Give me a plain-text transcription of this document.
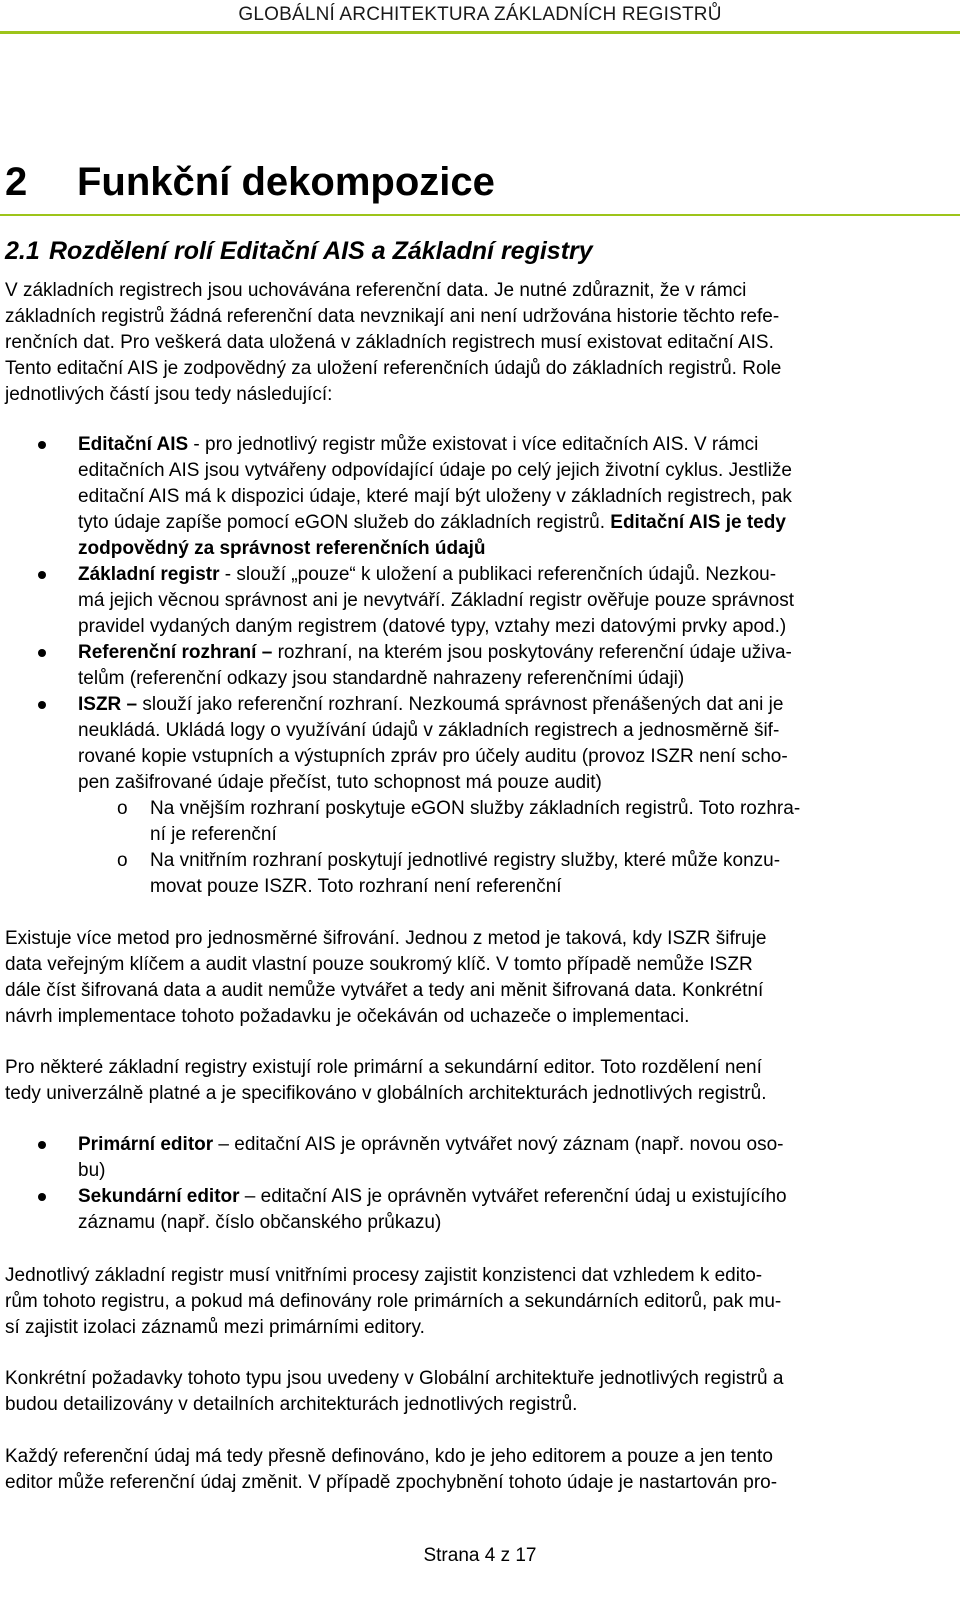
GLOBÁLNÍ ARCHITEKTURA ZÁKLADNÍCH REGISTRŮ
2 Funkční dekompozice
2.1 Rozdělení rolí Editační AIS a Základní registry
V základních registrech jsou uchovávána referenční data. Je nutné zdůraznit, že v rámci
základních registrů žádná referenční data nevznikají ani není udržována historie těchto refe-
renčních dat. Pro veškerá data uložená v základních registrech musí existovat editační AIS.
Tento editační AIS je zodpovědný za uložení referenčních údajů do základních registrů. Role
jednotlivých částí jsou tedy následující:
Editační AIS - pro jednotlivý registr může existovat i více editačních AIS. V rámci
editačních AIS jsou vytvářeny odpovídající údaje po celý jejich životní cyklus. Jestliže
editační AIS má k dispozici údaje, které mají být uloženy v základních registrech, pak
tyto údaje zapíše pomocí eGON služeb do základních registrů. Editační AIS je tedy
zodpovědný za správnost referenčních údajů
Základní registr - slouží „pouze“ k uložení a publikaci referenčních údajů. Nezkou-
má jejich věcnou správnost ani je nevytváří. Základní registr ověřuje pouze správnost
pravidel vydaných daným registrem (datové typy, vztahy mezi datovými prvky apod.)
Referenční rozhraní – rozhraní, na kterém jsou poskytovány referenční údaje uživa-
telům (referenční odkazy jsou standardně nahrazeny referenčními údaji)
ISZR – slouží jako referenční rozhraní. Nezkoumá správnost přenášených dat ani je
neukládá. Ukládá logy o využívání údajů v základních registrech a jednosměrně šif-
rované kopie vstupních a výstupních zpráv pro účely auditu (provoz ISZR není scho-
pen zašifrované údaje přečíst, tuto schopnost má pouze audit)
o Na vnějším rozhraní poskytuje eGON služby základních registrů. Toto rozhra-
ní je referenční
o Na vnitřním rozhraní poskytují jednotlivé registry služby, které může konzu-
movat pouze ISZR. Toto rozhraní není referenční
Existuje více metod pro jednosměrné šifrování. Jednou z metod je taková, kdy ISZR šifruje
data veřejným klíčem a audit vlastní pouze soukromý klíč. V tomto případě nemůže ISZR
dále číst šifrovaná data a audit nemůže vytvářet a tedy ani měnit šifrovaná data. Konkrétní
návrh implementace tohoto požadavku je očekáván od uchazeče o implementaci.
Pro některé základní registry existují role primární a sekundární editor. Toto rozdělení není
tedy univerzálně platné a je specifikováno v globálních architekturách jednotlivých registrů.
Primární editor – editační AIS je oprávněn vytvářet nový záznam (např. novou oso-
bu)
Sekundární editor – editační AIS je oprávněn vytvářet referenční údaj u existujícího
záznamu (např. číslo občanského průkazu)
Jednotlivý základní registr musí vnitřními procesy zajistit konzistenci dat vzhledem k edito-
rům tohoto registru, a pokud má definovány role primárních a sekundárních editorů, pak mu-
sí zajistit izolaci záznamů mezi primárními editory.
Konkrétní požadavky tohoto typu jsou uvedeny v Globální architektuře jednotlivých registrů a
budou detailizovány v detailních architekturách jednotlivých registrů.
Každý referenční údaj má tedy přesně definováno, kdo je jeho editorem a pouze a jen tento
editor může referenční údaj změnit. V případě zpochybnění tohoto údaje je nastartován pro-
Strana 4 z 17
